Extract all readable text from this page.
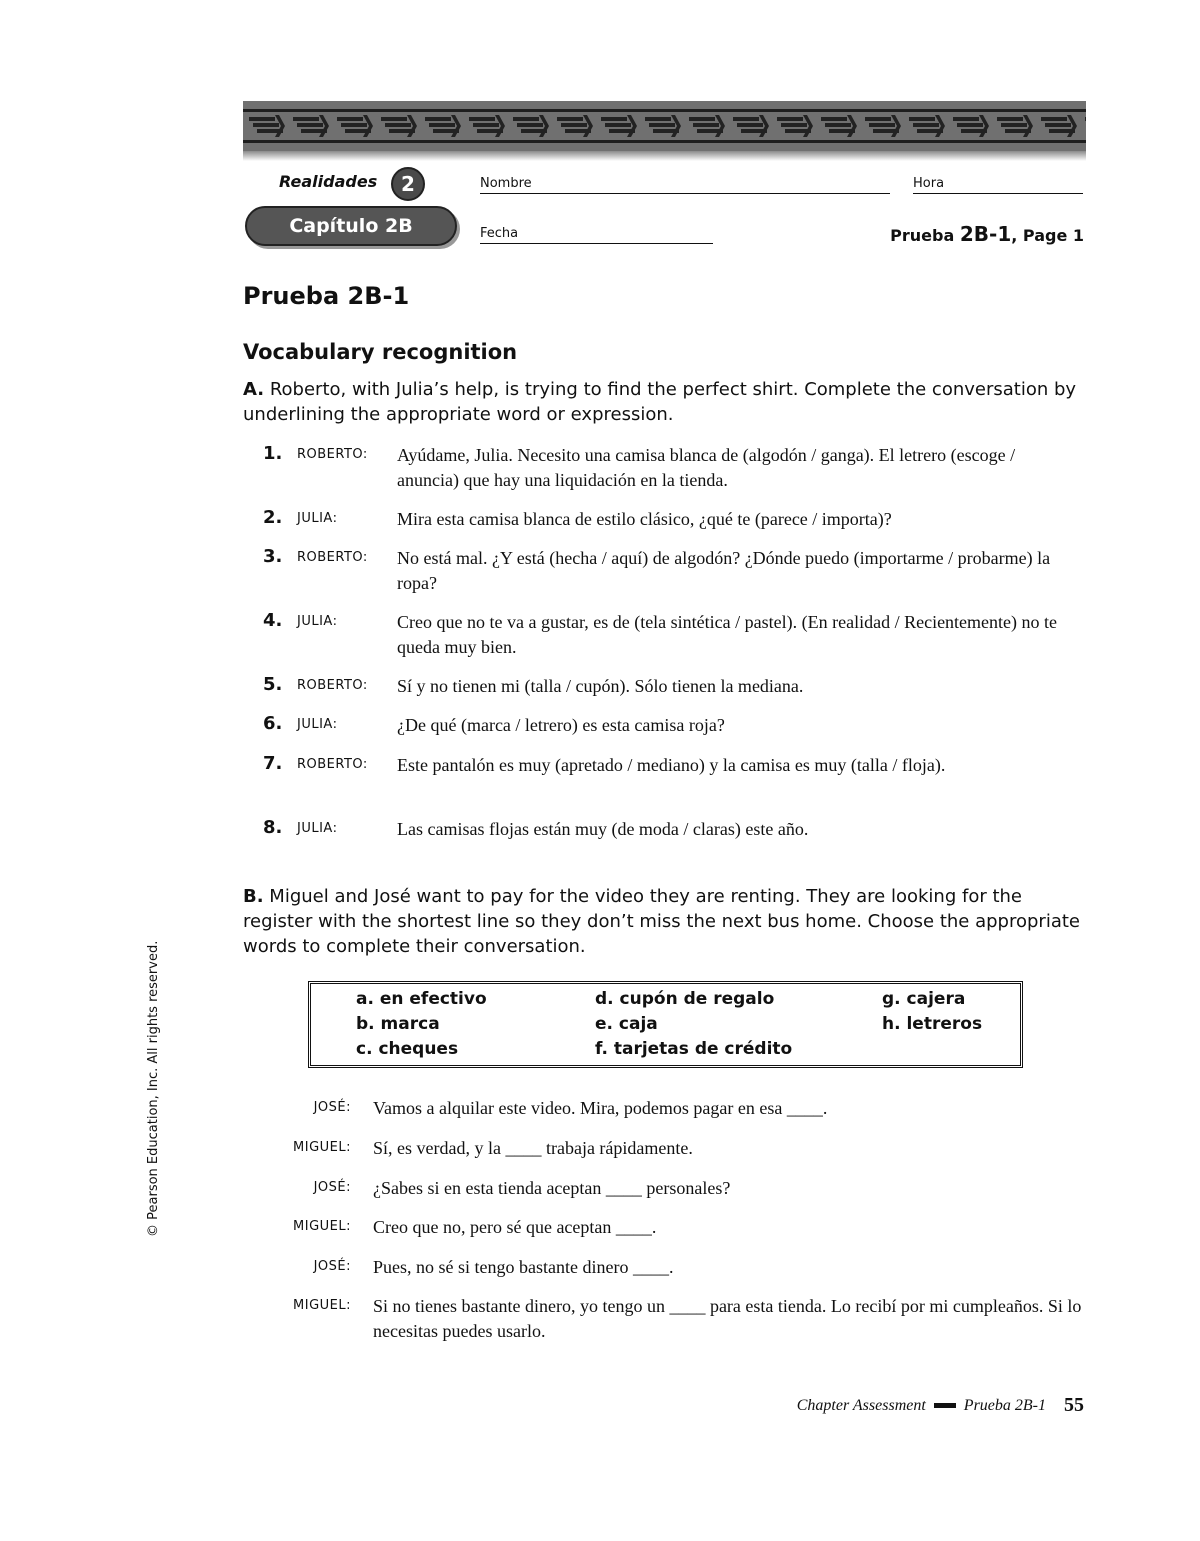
Realidades	2
Capítulo 2B
Nombre	Hora
Fecha	Prueba 2B-1, Page 1
Prueba 2B-1
Vocabulary recognition
A. Roberto, with Julia’s help, is trying to find the perfect shirt. Complete the conversation by underlining the appropriate word or expression.
1. ROBERTO: Ayúdame, Julia. Necesito una camisa blanca de (algodón / ganga). El letrero (escoge / anuncia) que hay una liquidación en la tienda.
2. JULIA:	Mira esta camisa blanca de estilo clásico, ¿qué te (parece / importa)?
3. ROBERTO: No está mal. ¿Y está (hecha / aquí) de algodón? ¿Dónde puedo (importarme / probarme) la ropa?
4. JULIA:	Creo que no te va a gustar, es de (tela sintética / pastel). (En realidad / Recientemente) no te queda muy bien.
5. ROBERTO: Sí y no tienen mi (talla / cupón). Sólo tienen la mediana.
6. JULIA:	¿De qué (marca / letrero) es esta camisa roja?
7. ROBERTO: Este pantalón es muy (apretado / mediano) y la camisa es muy (talla / floja).
8. JULIA:	Las camisas flojas están muy (de moda / claras) este año.
B. Miguel and José want to pay for the video they are renting. They are looking for the register with the shortest line so they don’t miss the next bus home. Choose the appropriate words to complete their conversation.
a. en efectivo	d. cupón de regalo	g. cajera
b. marca	e. caja	h. letreros
c. cheques	f. tarjetas de crédito
JOSÉ: Vamos a alquilar este video. Mira, podemos pagar en esa ____.
MIGUEL: Sí, es verdad, y la ____ trabaja rápidamente.
JOSÉ: ¿Sabes si en esta tienda aceptan ____ personales?
MIGUEL: Creo que no, pero sé que aceptan ____.
JOSÉ: Pues, no sé si tengo bastante dinero ____.
MIGUEL: Si no tienes bastante dinero, yo tengo un ____ para esta tienda. Lo recibí por mi cumpleaños. Si lo necesitas puedes usarlo.
© Pearson Education, Inc. All rights reserved.
Chapter Assessment Prueba 2B-1 55
